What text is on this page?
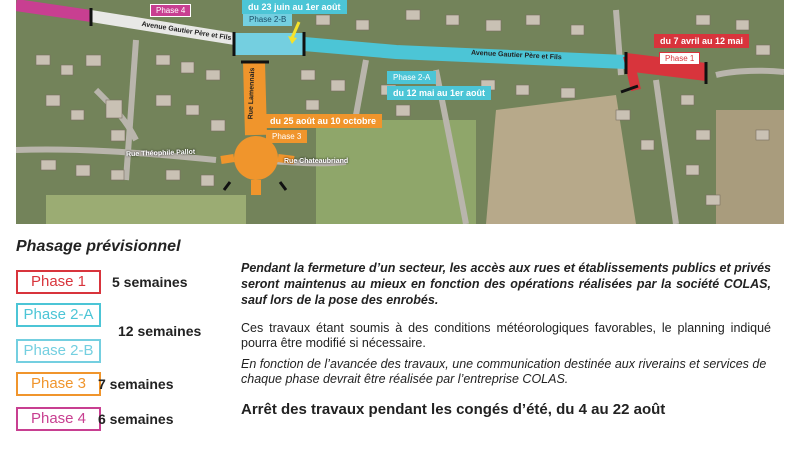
Phase 4
Phase 2-B
Phase 1
Phase 2-A
Phase 3
du 23 juin au 1er août
du 7 avril au 12 mai
du 12 mai au 1er août
du 25 août au 10 octobre
Avenue Gautier Père et Fils
Avenue Gautier Père et Fils
Rue Lamennais
Rue Théophile Pallot
Rue Chateaubriand
Phasage prévisionnel
Phase 1	5 semaines
Phase 2-A
Phase 2-B
12 semaines
Phase 3 7 semaines
Phase 4 6 semaines
Pendant la fermeture d’un secteur, les accès aux rues et établissements publics et privés seront maintenus au mieux en fonction des opérations réalisées par la société COLAS, sauf lors de la pose des enrobés.
Ces travaux étant soumis à des conditions météorologiques favorables, le planning indiqué pourra être modifié si nécessaire.
En fonction de l’avancée des travaux, une communication destinée aux riverains et services de chaque phase devrait être réalisée par l’entreprise COLAS.
Arrêt des travaux pendant les congés d’été, du 4 au 22 août
